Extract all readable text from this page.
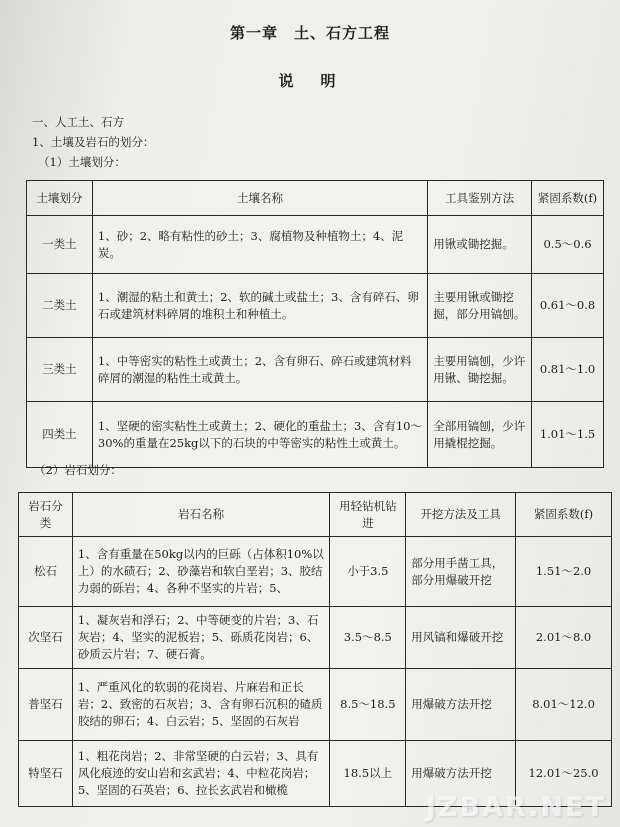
第一章　土、石方工程
说　明
一、人工土、石方
1、土壤及岩石的划分：
（1）土壤划分：
土壤划分	土壤名称	工具鉴别方法	紧固系数(f)
一类土	1、砂；2、略有粘性的砂土；3、腐植物及种植物土；4、泥炭。	用锹或锄挖掘。	0.5～0.6
二类土	1、潮湿的粘土和黄土；2、软的碱土或盐土；3、含有碎石、卵石或建筑材料碎屑的堆积土和种植土。	主要用锹或锄挖掘，部分用镐刨。	0.61～0.8
三类土	1、中等密实的粘性土或黄土；2、含有卵石、碎石或建筑材料碎屑的潮湿的粘性土或黄土。	主要用镐刨，少许用锹、锄挖掘。	0.81～1.0
四类土	1、坚硬的密实粘性土或黄土；2、硬化的重盐土；3、含有10～30%的重量在25kg以下的石块的中等密实的粘性土或黄土。	全部用镐刨，少许用撬棍挖掘。	1.01～1.5
（2）岩石划分：
岩石分类	岩石名称	用轻钻机钻进	开挖方法及工具	紧固系数(f)
松石	1、含有重量在50kg以内的巨砾（占体积10%以上）的水碛石；2、砂藻岩和软白垩岩；3、胶结力弱的砾岩；4、各种不坚实的片岩；5、	小于3.5	部分用手凿工具，部分用爆破开挖	1.51～2.0
次坚石	1、凝灰岩和浮石；2、中等硬变的片岩；3、石灰岩；4、坚实的泥板岩；5、砾质花岗岩；6、砂质云片岩；7、硬石膏。	3.5～8.5	用风镐和爆破开挖	2.01～8.0
普坚石	1、严重风化的软弱的花岗岩、片麻岩和正长岩；2、致密的石灰岩；3、含有卵石沉积的碴质胶结的卵石；4、白云岩；5、坚固的石灰岩	8.5～18.5	用爆破方法开挖	8.01～12.0
特坚石	1、粗花岗岩；2、非常坚硬的白云岩；3、具有风化痕迹的安山岩和玄武岩；4、中粒花岗岩；5、坚固的石英岩；6、拉长玄武岩和橄榄	18.5以上	用爆破方法开挖	12.01～25.0
JZBAR.NET
